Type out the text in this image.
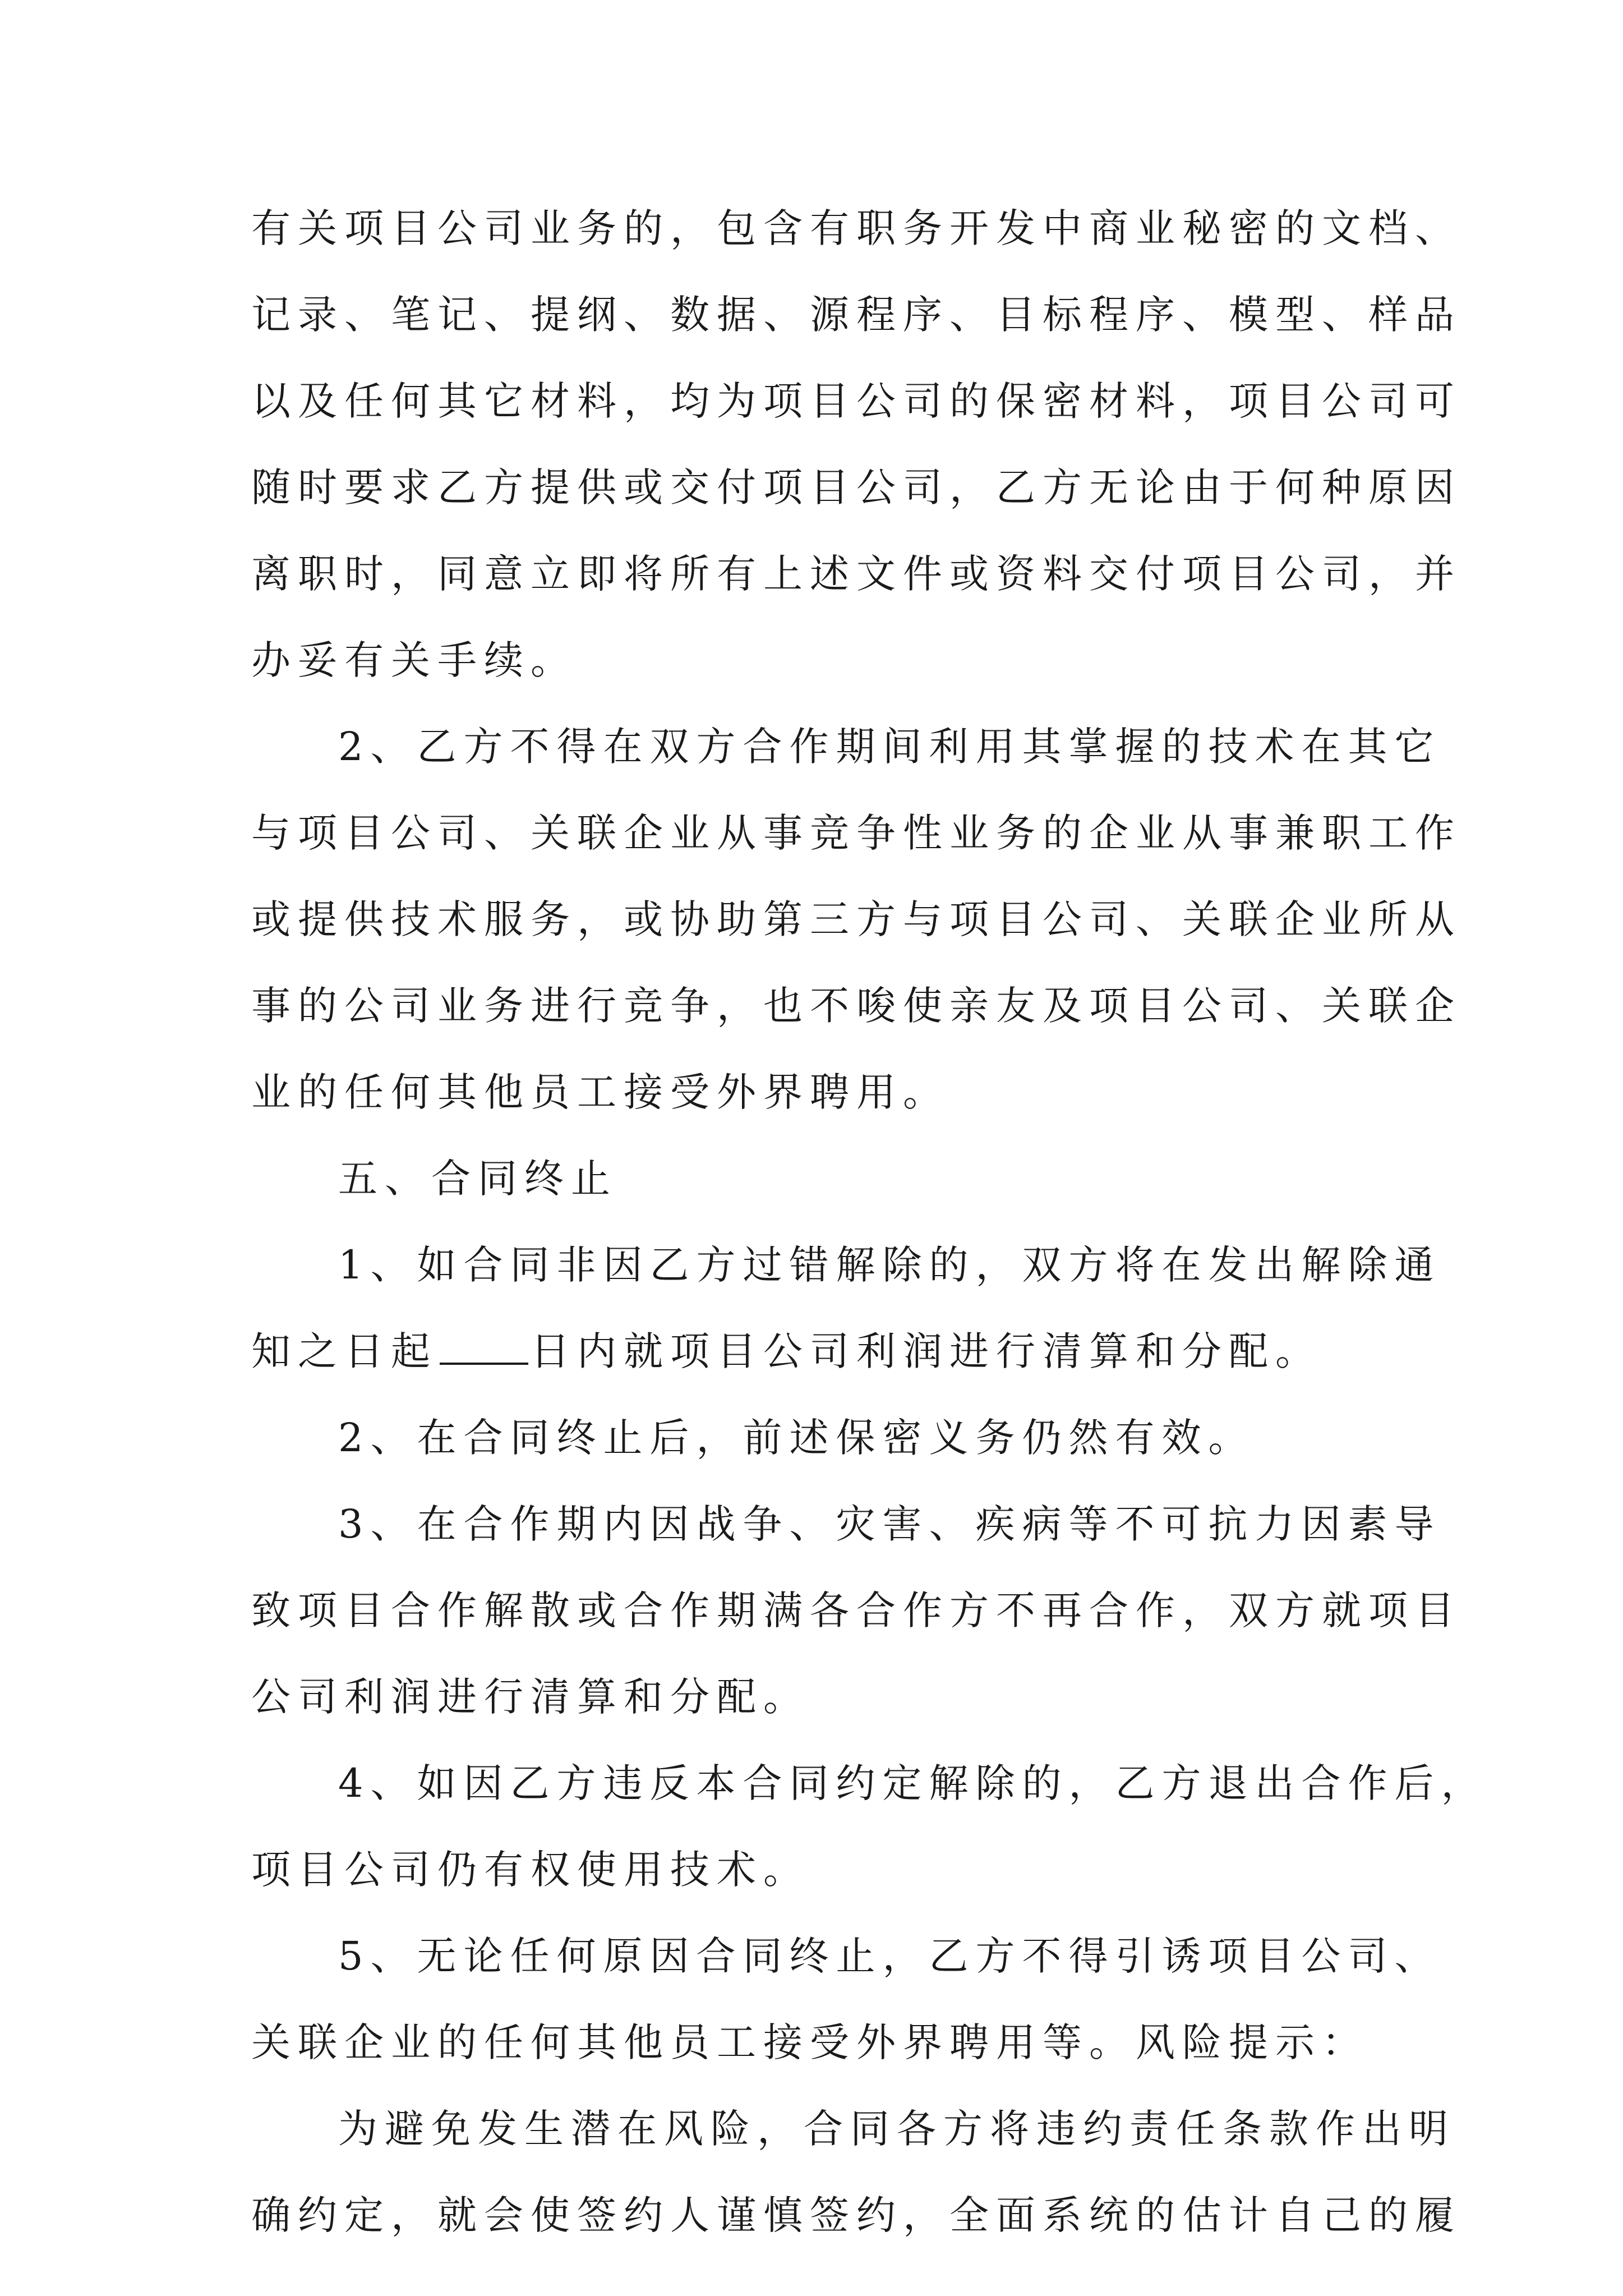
有关项目公司业务的，包含有职务开发中商业秘密的文档、
记录、笔记、提纲、数据、源程序、目标程序、模型、样品
以及任何其它材料，均为项目公司的保密材料，项目公司可
随时要求乙方提供或交付项目公司，乙方无论由于何种原因
离职时，同意立即将所有上述文件或资料交付项目公司，并
办妥有关手续。
2、乙方不得在双方合作期间利用其掌握的技术在其它
与项目公司、关联企业从事竞争性业务的企业从事兼职工作
或提供技术服务，或协助第三方与项目公司、关联企业所从
事的公司业务进行竞争，也不唆使亲友及项目公司、关联企
业的任何其他员工接受外界聘用。
五、合同终止
1、如合同非因乙方过错解除的，双方将在发出解除通
知之日起 日内就项目公司利润进行清算和分配。
2、在合同终止后，前述保密义务仍然有效。
3、在合作期内因战争、灾害、疾病等不可抗力因素导
致项目合作解散或合作期满各合作方不再合作，双方就项目
公司利润进行清算和分配。
4、如因乙方违反本合同约定解除的，乙方退出合作后，
项目公司仍有权使用技术。
5、无论任何原因合同终止，乙方不得引诱项目公司、
关联企业的任何其他员工接受外界聘用等。风险提示：
为避免发生潜在风险，合同各方将违约责任条款作出明
确约定，就会使签约人谨慎签约，全面系统的估计自己的履
